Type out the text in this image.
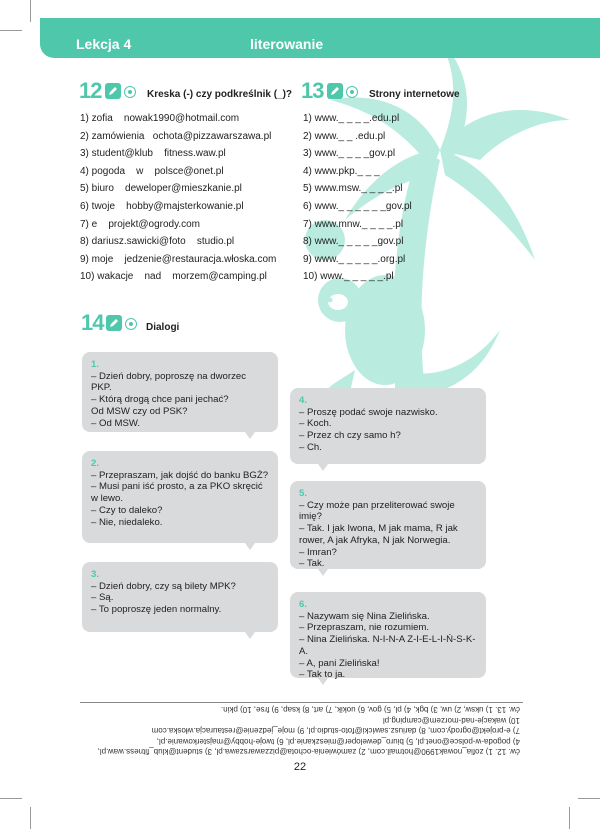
Lekcja 4	literowanie
12	Kreska (-) czy podkreślnik (_)?
1) zofia    nowak1990@hotmail.com
2) zamówienia   ochota@pizzawarszawa.pl
3) student@klub    fitness.waw.pl
4) pogoda    w    polsce@onet.pl
5) biuro    deweloper@mieszkanie.pl
6) twoje    hobby@majsterkowanie.pl
7) e    projekt@ogrody.com
8) dariusz.sawicki@foto    studio.pl
9) moje    jedzenie@restauracja.włoska.com
10) wakacje    nad    morzem@camping.pl
13	Strony internetowe
1) www._ _ _ _.edu.pl
2) www._ _ .edu.pl
3) www._ _ _ _gov.pl
4) www.pkp._ _ _
5) www.msw._ _ _ _.pl
6) www._ _ _ _ _ _gov.pl
7) www.mnw._ _ _ _.pl
8) www._ _ _ _ _gov.pl
9) www._ _ _ _ _.org.pl
10) www._ _ _ _ _.pl
14	Dialogi
1.
– Dzień dobry, poproszę na dworzec PKP.
– Którą drogą chce pani jechać?
Od MSW czy od PSK?
– Od MSW.
2.
– Przepraszam, jak dojść do banku BGŻ?
– Musi pani iść prosto, a za PKO skręcić w lewo.
– Czy to daleko?
– Nie, niedaleko.
3.
– Dzień dobry, czy są bilety MPK?
– Są.
– To poproszę jeden normalny.
4.
– Proszę podać swoje nazwisko.
– Koch.
– Przez ch czy samo h?
– Ch.
5.
– Czy może pan przeliterować swoje imię?
– Tak. I jak Iwona, M jak mama, R jak rower, A jak Afryka, N jak Norwegia.
– Imran?
– Tak.
6.
– Nazywam się Nina Zielińska.
– Przepraszam, nie rozumiem.
– Nina Zielińska. N-I-N-A Z-I-E-L-I-Ń-S-K-A.
– A, pani Zielińska!
– Tak to ja.
ćw. 12. 1) zofia_nowak1990@hotmail.com, 2) zamówienia-ochota@pizzawarszawa.pl, 3) student@klub_fitness.waw.pl,
4) pogoda-w-polsce@onet.pl, 5) biuro_deweloper@mieszkanie.pl, 6) twoje-hobby@majsterkowanie.pl,
7) e-projekt@ogrody.com, 8) dariusz.sawicki@foto-studio.pl, 9) moje_jedzenie@restauracja.włoska.com
10) wakacje-nad-morzem@camping.pl
ćw. 13. 1) uksw, 2) uw, 3) bgk, 4) pl, 5) gov, 6) uokik, 7) art, 8) ksap, 9) frse, 10) pkin.
22
